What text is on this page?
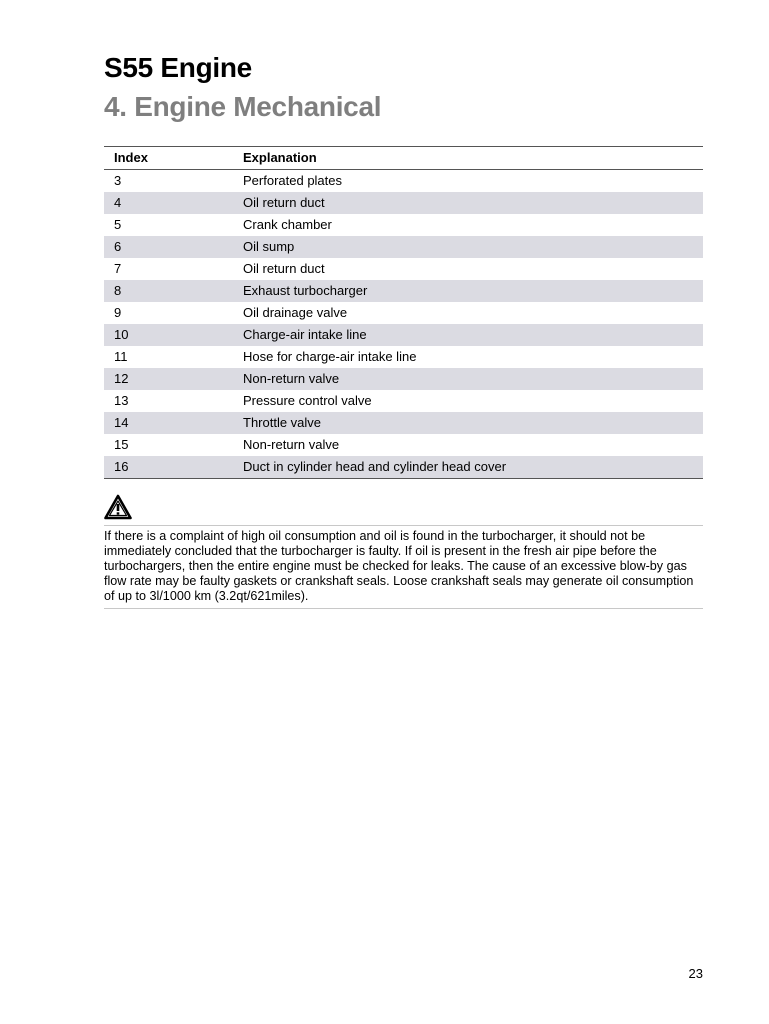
S55 Engine
4. Engine Mechanical
Index	Explanation
3	Perforated plates
4	Oil return duct
5	Crank chamber
6	Oil sump
7	Oil return duct
8	Exhaust turbocharger
9	Oil drainage valve
10	Charge-air intake line
11	Hose for charge-air intake line
12	Non-return valve
13	Pressure control valve
14	Throttle valve
15	Non-return valve
16	Duct in cylinder head and cylinder head cover

If there is a complaint of high oil consumption and oil is found in the turbocharger, it should not be immediately concluded that the turbocharger is faulty. If oil is present in the fresh air pipe before the turbochargers, then the entire engine must be checked for leaks. The cause of an excessive blow-by gas flow rate may be faulty gaskets or crankshaft seals. Loose crankshaft seals may generate oil consumption of up to 3l/1000 km (3.2qt/621miles).

23
